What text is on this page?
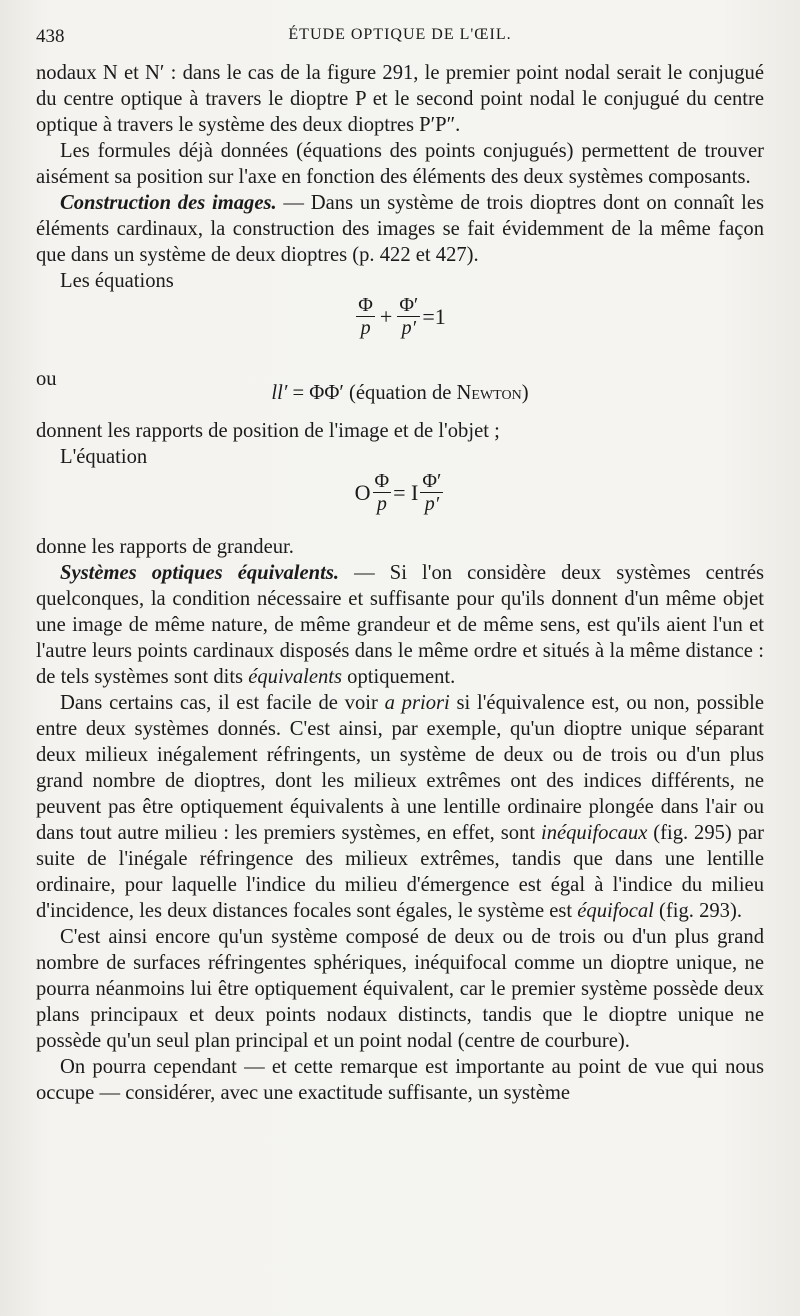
438	ÉTUDE OPTIQUE DE L'ŒIL.

nodaux N et N′ : dans le cas de la figure 291, le premier point nodal serait le conjugué du centre optique à travers le dioptre P et le second point nodal le conjugué du centre optique à travers le système des deux dioptres P′P″.

Les formules déjà données (équations des points conjugués) permettent de trouver aisément sa position sur l'axe en fonction des éléments des deux systèmes composants.

Construction des images. — Dans un système de trois dioptres dont on connaît les éléments cardinaux, la construction des images se fait évidemment de la même façon que dans un système de deux dioptres (p. 422 et 427).

Les équations

$\frac{\Phi}{p} + \frac{\Phi'}{p'} =1$
ou
ll′ = ΦΦ′ (équation de Newton)

donnent les rapports de position de l'image et de l'objet ;

L'équation

O $\frac{\Phi}{p} = I \frac{\Phi'}{p'}$

donne les rapports de grandeur.

Systèmes optiques équivalents. — Si l'on considère deux systèmes centrés quelconques, la condition nécessaire et suffisante pour qu'ils donnent d'un même objet une image de même nature, de même grandeur et de même sens, est qu'ils aient l'un et l'autre leurs points cardinaux disposés dans le même ordre et situés à la même distance : de tels systèmes sont dits équivalents optiquement.

Dans certains cas, il est facile de voir a priori si l'équivalence est, ou non, possible entre deux systèmes donnés. C'est ainsi, par exemple, qu'un dioptre unique séparant deux milieux inégalement réfringents, un système de deux ou de trois ou d'un plus grand nombre de dioptres, dont les milieux extrêmes ont des indices différents, ne peuvent pas être optiquement équivalents à une lentille ordinaire plongée dans l'air ou dans tout autre milieu : les premiers systèmes, en effet, sont inéquifocaux (fig. 295) par suite de l'inégale réfringence des milieux extrêmes, tandis que dans une lentille ordinaire, pour laquelle l'indice du milieu d'émergence est égal à l'indice du milieu d'incidence, les deux distances focales sont égales, le système est équifocal (fig. 293).

C'est ainsi encore qu'un système composé de deux ou de trois ou d'un plus grand nombre de surfaces réfringentes sphériques, inéquifocal comme un dioptre unique, ne pourra néanmoins lui être optiquement équivalent, car le premier système possède deux plans principaux et deux points nodaux distincts, tandis que le dioptre unique ne possède qu'un seul plan principal et un point nodal (centre de courbure).

On pourra cependant — et cette remarque est importante au point de vue qui nous occupe — considérer, avec une exactitude suffisante, un système
